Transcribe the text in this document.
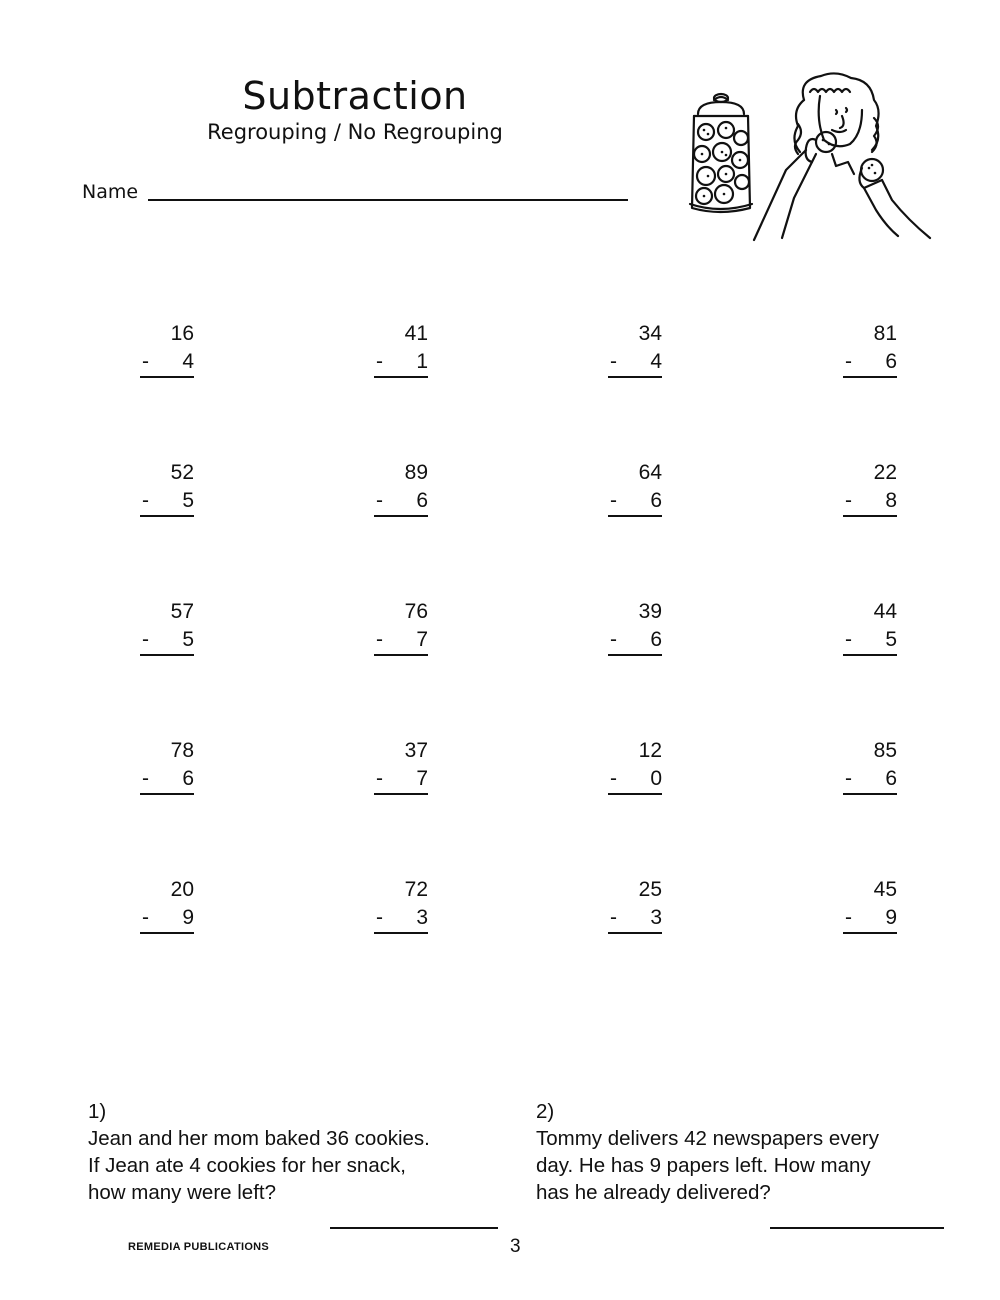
Subtraction
Regrouping / No Regrouping
Name
16
- 4
41
- 1
34
- 4
81
- 6
52
- 5
89
- 6
64
- 6
22
- 8
57
- 5
76
- 7
39
- 6
44
- 5
78
- 6
37
- 7
12
- 0
85
- 6
20
- 9
72
- 3
25
- 3
45
- 9
1)
Jean and her mom baked 36 cookies.
If Jean ate 4 cookies for her snack,
how many were left?
2)
Tommy delivers 42 newspapers every
day. He has 9 papers left. How many
has he already delivered?
REMEDIA PUBLICATIONS	3
